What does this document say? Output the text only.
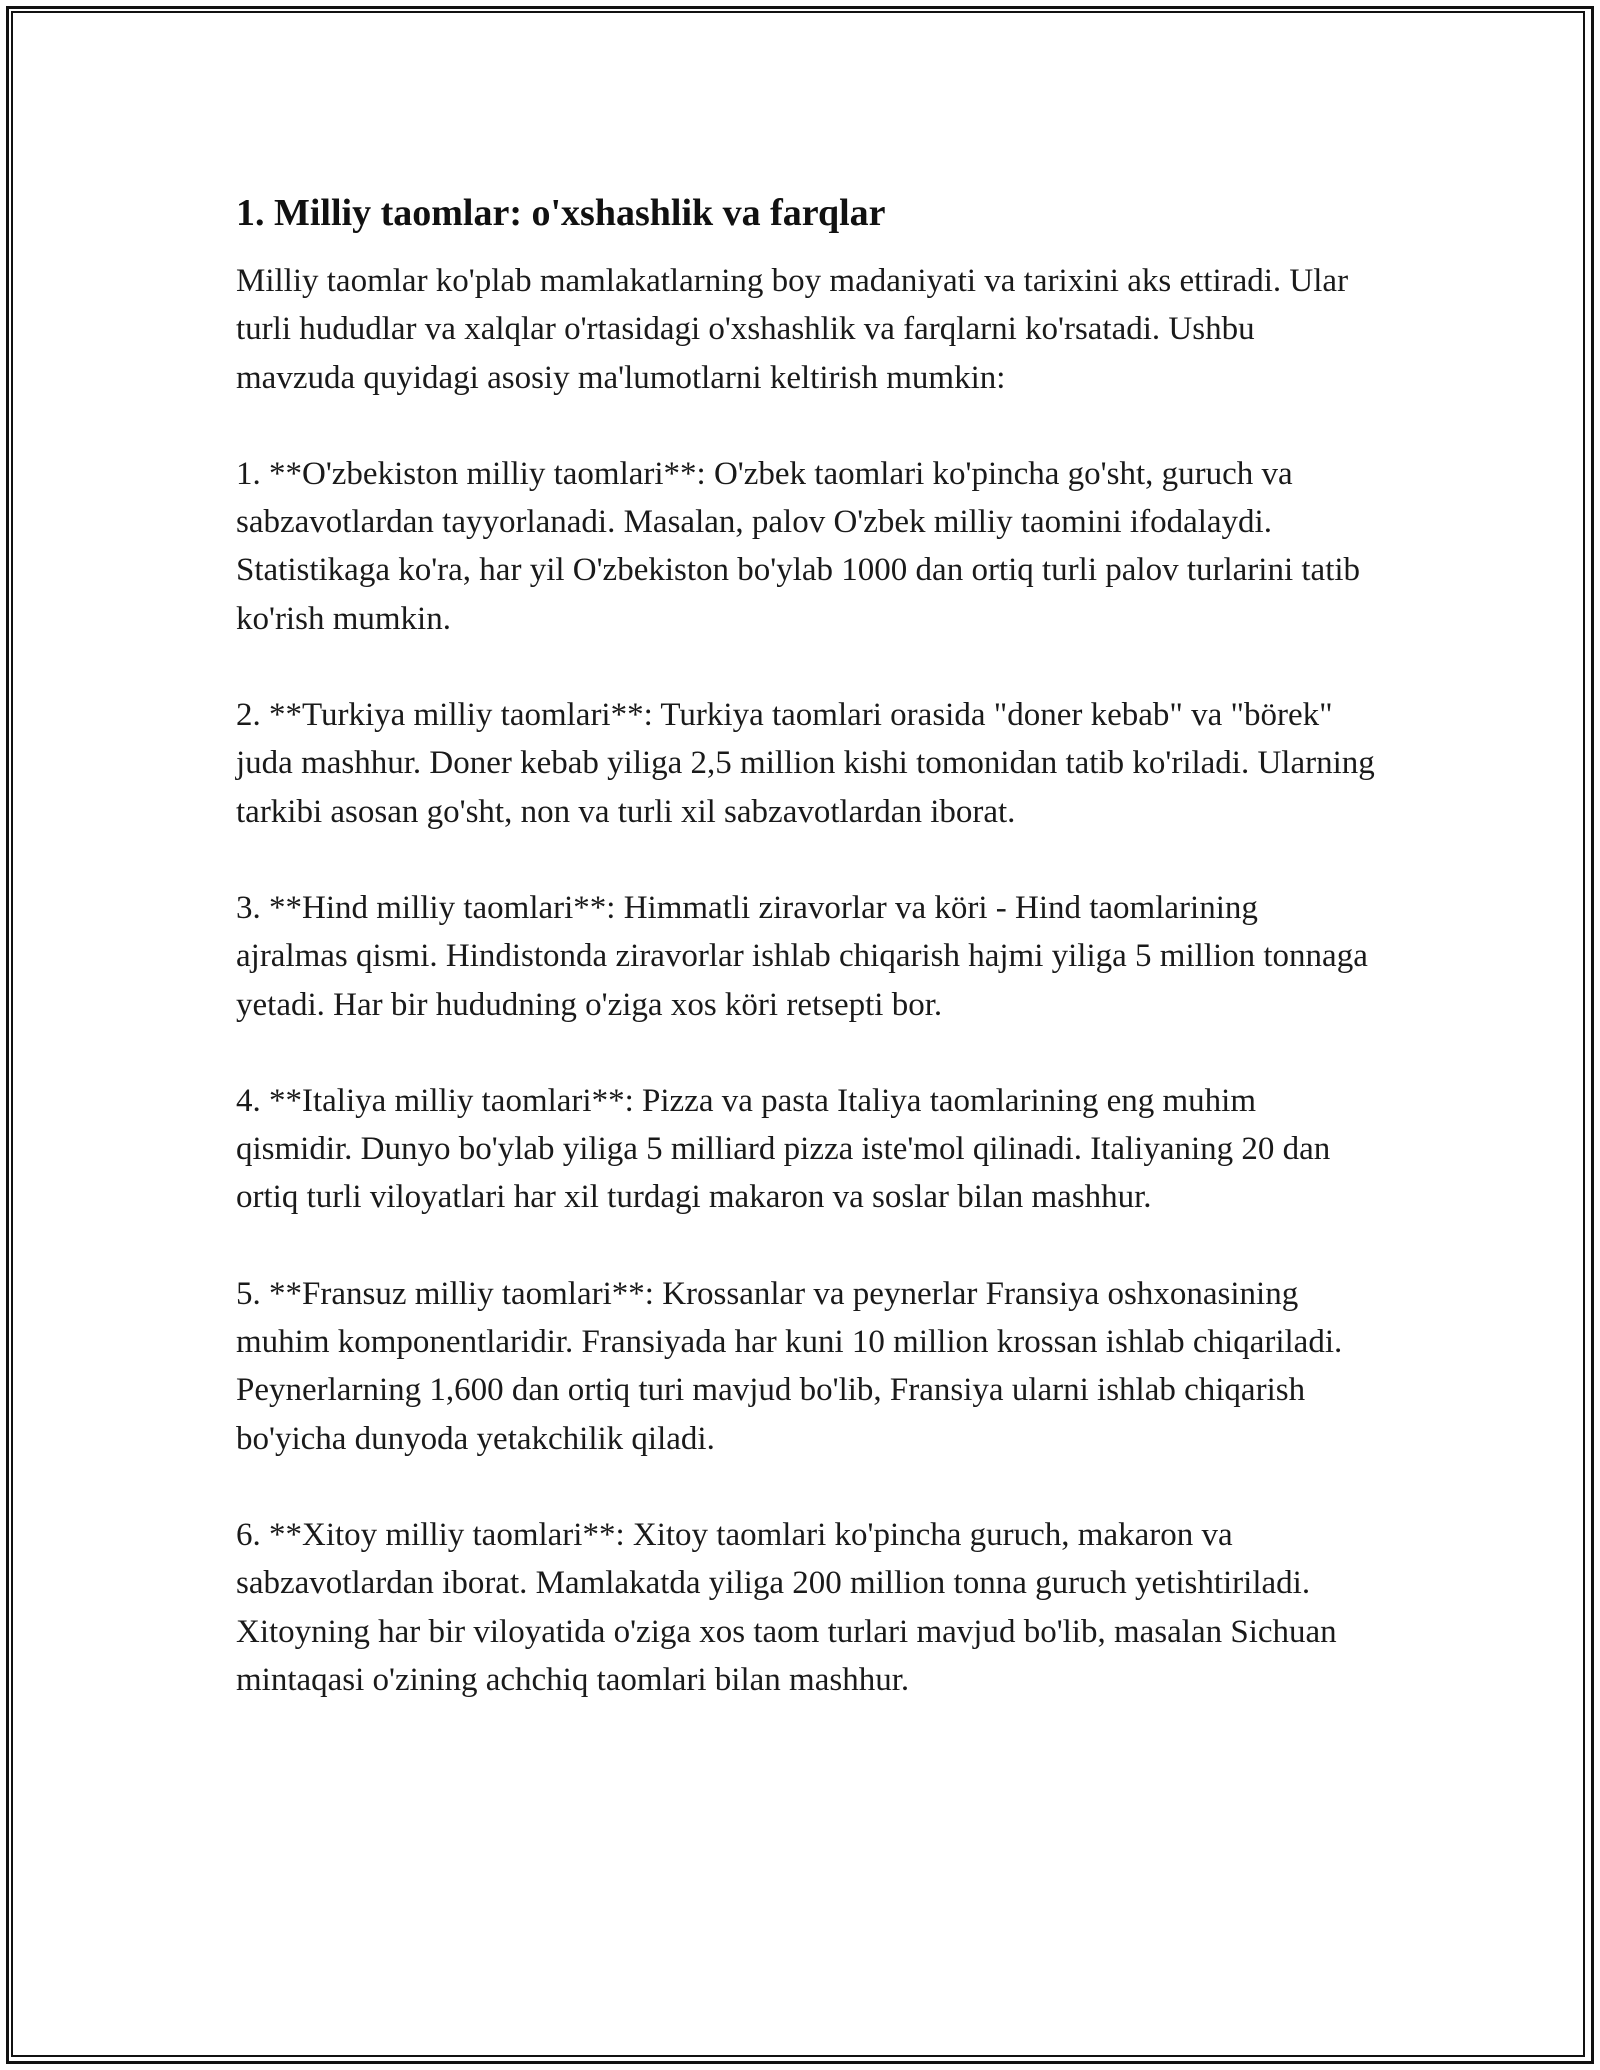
1. Milliy taomlar: o'xshashlik va farqlar

Milliy taomlar ko'plab mamlakatlarning boy madaniyati va tarixini aks ettiradi. Ular turli hududlar va xalqlar o'rtasidagi o'xshashlik va farqlarni ko'rsatadi. Ushbu mavzuda quyidagi asosiy ma'lumotlarni keltirish mumkin:

1. **O'zbekiston milliy taomlari**: O'zbek taomlari ko'pincha go'sht, guruch va sabzavotlardan tayyorlanadi. Masalan, palov O'zbek milliy taomini ifodalaydi. Statistikaga ko'ra, har yil O'zbekiston bo'ylab 1000 dan ortiq turli palov turlarini tatib ko'rish mumkin.

2. **Turkiya milliy taomlari**: Turkiya taomlari orasida "doner kebab" va "börek" juda mashhur. Doner kebab yiliga 2,5 million kishi tomonidan tatib ko'riladi. Ularning tarkibi asosan go'sht, non va turli xil sabzavotlardan iborat.

3. **Hind milliy taomlari**: Himmatli ziravorlar va köri - Hind taomlarining ajralmas qismi. Hindistonda ziravorlar ishlab chiqarish hajmi yiliga 5 million tonnaga yetadi. Har bir hududning o'ziga xos köri retsepti bor.

4. **Italiya milliy taomlari**: Pizza va pasta Italiya taomlarining eng muhim qismidir. Dunyo bo'ylab yiliga 5 milliard pizza iste'mol qilinadi. Italiyaning 20 dan ortiq turli viloyatlari har xil turdagi makaron va soslar bilan mashhur.

5. **Fransuz milliy taomlari**: Krossanlar va peynerlar Fransiya oshxonasining muhim komponentlaridir. Fransiyada har kuni 10 million krossan ishlab chiqariladi. Peynerlarning 1,600 dan ortiq turi mavjud bo'lib, Fransiya ularni ishlab chiqarish bo'yicha dunyoda yetakchilik qiladi.

6. **Xitoy milliy taomlari**: Xitoy taomlari ko'pincha guruch, makaron va sabzavotlardan iborat. Mamlakatda yiliga 200 million tonna guruch yetishtiriladi. Xitoyning har bir viloyatida o'ziga xos taom turlari mavjud bo'lib, masalan Sichuan mintaqasi o'zining achchiq taomlari bilan mashhur.
